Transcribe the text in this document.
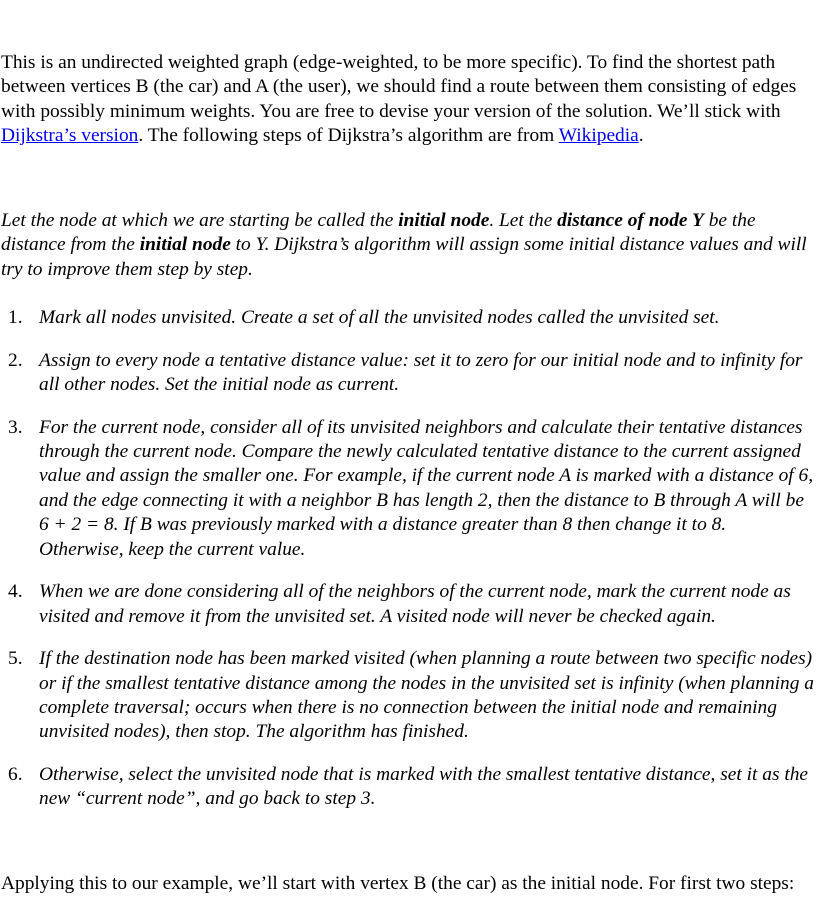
This is an undirected weighted graph (edge-weighted, to be more specific). To find the shortest path between vertices B (the car) and A (the user), we should find a route between them consisting of edges with possibly minimum weights. You are free to devise your version of the solution. We’ll stick with Dijkstra’s version. The following steps of Dijkstra’s algorithm are from Wikipedia.

Let the node at which we are starting be called the initial node. Let the distance of node Y be the distance from the initial node to Y. Dijkstra’s algorithm will assign some initial distance values and will try to improve them step by step.

1. Mark all nodes unvisited. Create a set of all the unvisited nodes called the unvisited set.
2. Assign to every node a tentative distance value: set it to zero for our initial node and to infinity for all other nodes. Set the initial node as current.
3. For the current node, consider all of its unvisited neighbors and calculate their tentative distances through the current node. Compare the newly calculated tentative distance to the current assigned value and assign the smaller one. For example, if the current node A is marked with a distance of 6, and the edge connecting it with a neighbor B has length 2, then the distance to B through A will be 6 + 2 = 8. If B was previously marked with a distance greater than 8 then change it to 8. Otherwise, keep the current value.
4. When we are done considering all of the neighbors of the current node, mark the current node as visited and remove it from the unvisited set. A visited node will never be checked again.
5. If the destination node has been marked visited (when planning a route between two specific nodes) or if the smallest tentative distance among the nodes in the unvisited set is infinity (when planning a complete traversal; occurs when there is no connection between the initial node and remaining unvisited nodes), then stop. The algorithm has finished.
6. Otherwise, select the unvisited node that is marked with the smallest tentative distance, set it as the new “current node”, and go back to step 3.

Applying this to our example, we’ll start with vertex B (the car) as the initial node. For first two steps:
